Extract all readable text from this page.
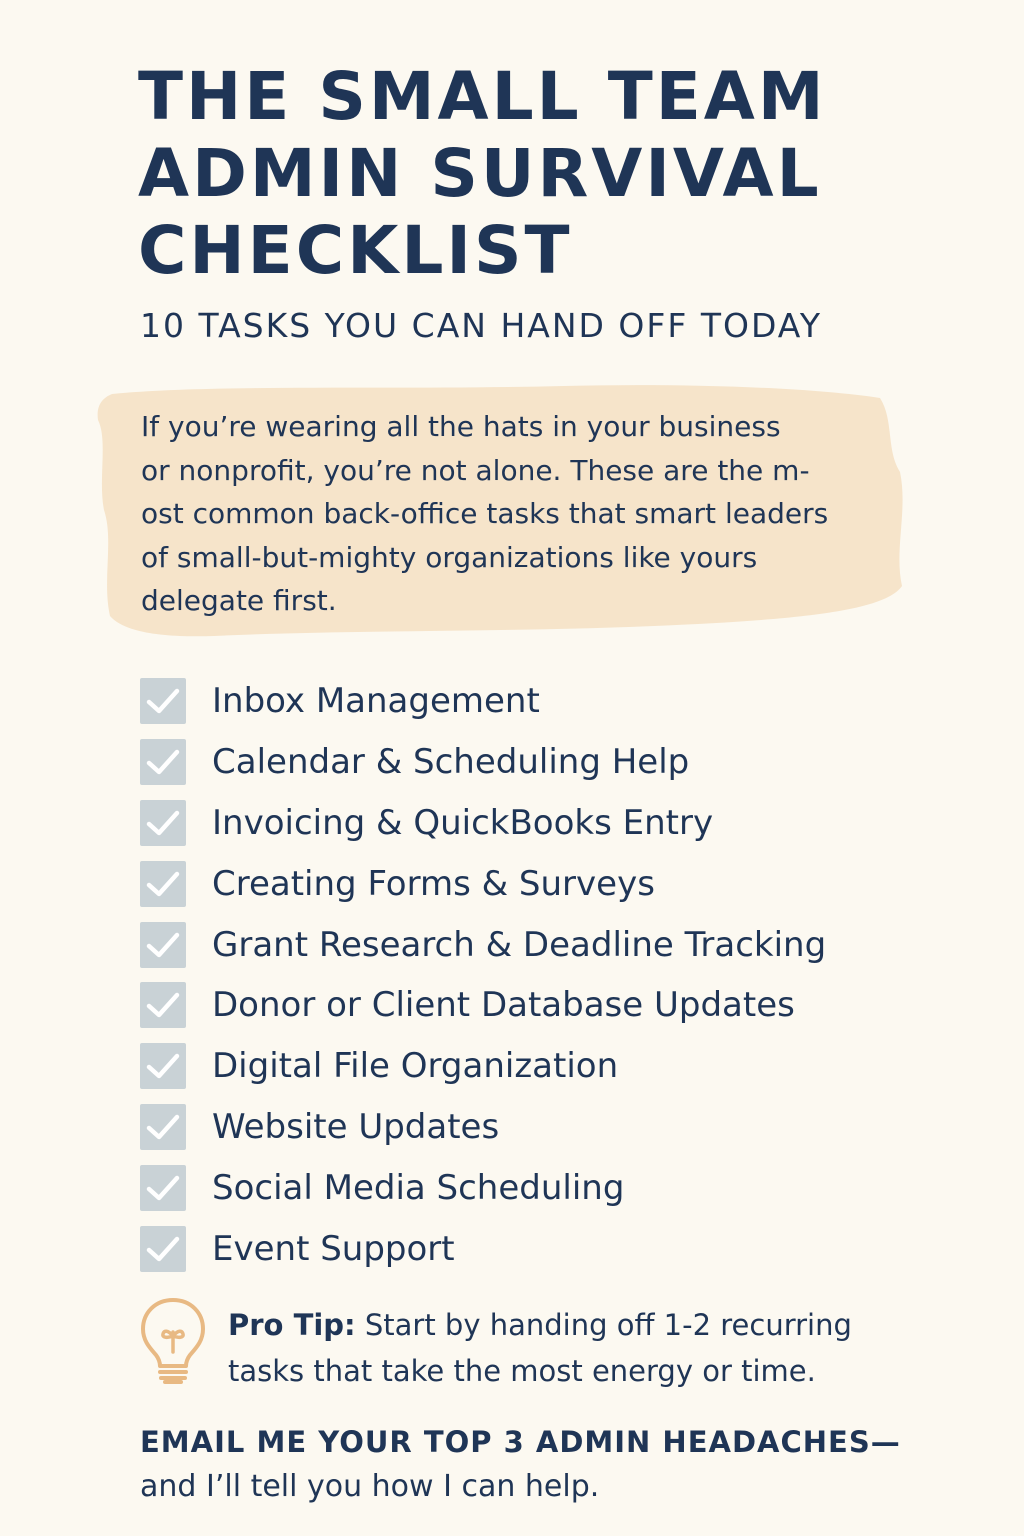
THE SMALL TEAM
ADMIN SURVIVAL
CHECKLIST
10 TASKS YOU CAN HAND OFF TODAY
If you’re wearing all the hats in your business
or nonprofit, you’re not alone. These are the m-
ost common back-office tasks that smart leaders
of small-but-mighty organizations like yours
delegate first.
Inbox Management
Calendar & Scheduling Help
Invoicing & QuickBooks Entry
Creating Forms & Surveys
Grant Research & Deadline Tracking
Donor or Client Database Updates
Digital File Organization
Website Updates
Social Media Scheduling
Event Support

Pro Tip: Start by handing off 1-2 recurring
tasks that take the most energy or time.

EMAIL ME YOUR TOP 3 ADMIN HEADACHES—

and I’ll tell you how I can help.
